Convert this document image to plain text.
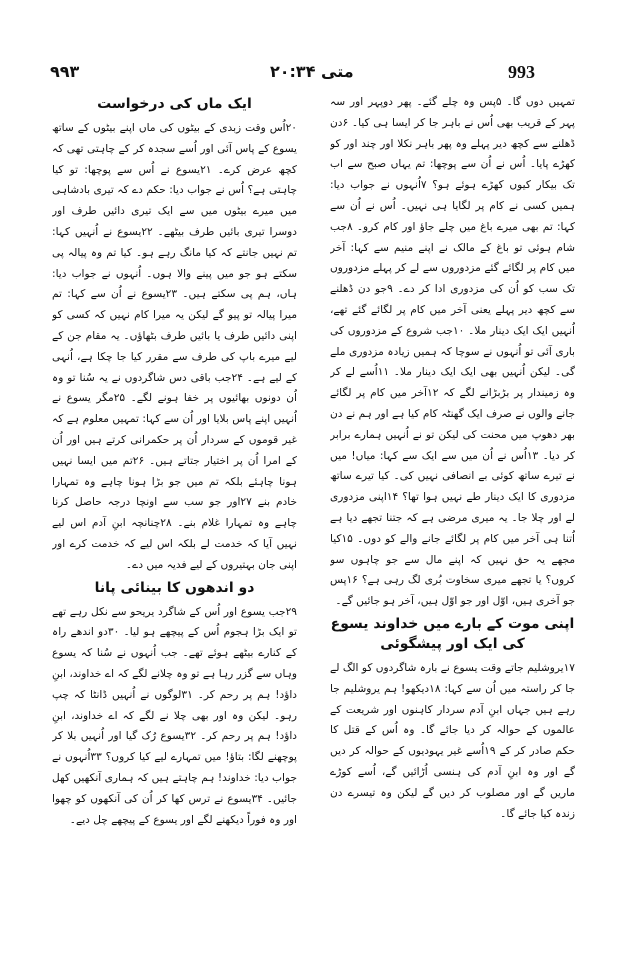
993
متی ۲۰:۳۴
۹۹۳

تمہیں دوں گا۔ ۵پس وہ چلے گئے۔ پھر دوپہر اور سہ پہر کے قریب بھی اُس نے باہر جا کر ایسا ہی کیا۔ ۶دن ڈھلنے سے کچھ دیر پہلے وہ پھر باہر نکلا اور چند اور کو کھڑے پایا۔ اُس نے اُن سے پوچھا: تم یہاں صبح سے اب تک بیکار کیوں کھڑے ہوئے ہو؟ ۷اُنہوں نے جواب دیا: ہمیں کسی نے کام پر لگایا ہی نہیں۔ اُس نے اُن سے کہا: تم بھی میرے باغ میں چلے جاؤ اور کام کرو۔ ۸جب شام ہوئی تو باغ کے مالک نے اپنے منیم سے کہا: آخر میں کام پر لگائے گئے مزدوروں سے لے کر پہلے مزدوروں تک سب کو اُن کی مزدوری ادا کر دے۔ ۹جو دن ڈھلنے سے کچھ دیر پہلے یعنی آخر میں کام پر لگائے گئے تھے، اُنہیں ایک ایک دینار ملا۔ ۱۰جب شروع کے مزدوروں کی باری آئی تو اُنہوں نے سوچا کہ ہمیں زیادہ مزدوری ملے گی۔ لیکن اُنہیں بھی ایک ایک دینار ملا۔ ۱۱اُسے لے کر وہ زمیندار پر بڑبڑانے لگے کہ ۱۲آخر میں کام پر لگائے جانے والوں نے صرف ایک گھنٹہ کام کیا ہے اور ہم نے دن بھر دھوپ میں محنت کی لیکن تو نے اُنہیں ہمارے برابر کر دیا۔ ۱۳اُس نے اُن میں سے ایک سے کہا: میاں! میں نے تیرے ساتھ کوئی بے انصافی نہیں کی۔ کیا تیرے ساتھ مزدوری کا ایک دینار طے نہیں ہوا تھا؟ ۱۴اپنی مزدوری لے اور چلا جا۔ یہ میری مرضی ہے کہ جتنا تجھے دیا ہے اُتنا ہی آخر میں کام پر لگائے جانے والے کو دوں۔ ۱۵کیا مجھے یہ حق نہیں کہ اپنے مال سے جو چاہوں سو کروں؟ یا تجھے میری سخاوت بُری لگ رہی ہے؟ ۱۶پس جو آخری ہیں، اوّل اور جو اوّل ہیں، آخر ہو جائیں گے۔

اپنی موت کے بارے میں خداوند یسوع کی ایک اور پیشگوئی

۱۷یروشلیم جاتے وقت یسوع نے بارہ شاگردوں کو الگ لے جا کر راستہ میں اُن سے کہا: ۱۸دیکھو! ہم یروشلیم جا رہے ہیں جہاں ابنِ آدم سردار کاہنوں اور شریعت کے عالموں کے حوالہ کر دیا جائے گا۔ وہ اُس کے قتل کا حکم صادر کر کے ۱۹اُسے غیر یہودیوں کے حوالہ کر دیں گے اور وہ ابنِ آدم کی ہنسی اُڑائیں گے، اُسے کوڑے ماریں گے اور مصلوب کر دیں گے لیکن وہ تیسرے دن زندہ کیا جائے گا۔

ایک ماں کی درخواست

۲۰اُس وقت زبدی کے بیٹوں کی ماں اپنے بیٹوں کے ساتھ یسوع کے پاس آئی اور اُسے سجدہ کر کے چاہتی تھی کہ کچھ عرض کرے۔ ۲۱یسوع نے اُس سے پوچھا: تو کیا چاہتی ہے؟ اُس نے جواب دیا: حکم دے کہ تیری بادشاہی میں میرے بیٹوں میں سے ایک تیری دائیں طرف اور دوسرا تیری بائیں طرف بیٹھے۔ ۲۲یسوع نے اُنہیں کہا: تم نہیں جانتے کہ کیا مانگ رہے ہو۔ کیا تم وہ پیالہ پی سکتے ہو جو میں پینے والا ہوں۔ اُنہوں نے جواب دیا: ہاں، ہم پی سکتے ہیں۔ ۲۳یسوع نے اُن سے کہا: تم میرا پیالہ تو پیو گے لیکن یہ میرا کام نہیں کہ کسی کو اپنی دائیں طرف یا بائیں طرف بٹھاؤں۔ یہ مقام جن کے لیے میرے باپ کی طرف سے مقرر کیا جا چکا ہے، اُنہی کے لیے ہے۔ ۲۴جب باقی دس شاگردوں نے یہ سُنا تو وہ اُن دونوں بھائیوں پر خفا ہونے لگے۔ ۲۵مگر یسوع نے اُنہیں اپنے پاس بلایا اور اُن سے کہا: تمہیں معلوم ہے کہ غیر قوموں کے سردار اُن پر حکمرانی کرتے ہیں اور اُن کے امرا اُن پر اختیار جتاتے ہیں۔ ۲۶تم میں ایسا نہیں ہونا چاہئے بلکہ تم میں جو بڑا ہونا چاہے وہ تمہارا خادم بنے ۲۷اور جو سب سے اونچا درجہ حاصل کرنا چاہے وہ تمہارا غلام بنے۔ ۲۸چنانچہ ابنِ آدم اس لیے نہیں آیا کہ خدمت لے بلکہ اس لیے کہ خدمت کرے اور اپنی جان بہتیروں کے لیے فدیہ میں دے۔

دو اندھوں کا بینائی پانا

۲۹جب یسوع اور اُس کے شاگرد یریحو سے نکل رہے تھے تو ایک بڑا ہجوم اُس کے پیچھے ہو لیا۔ ۳۰دو اندھے راہ کے کنارے بیٹھے ہوئے تھے۔ جب اُنہوں نے سُنا کہ یسوع وہاں سے گزر رہا ہے تو وہ چلانے لگے کہ اے خداوند، ابنِ داؤد! ہم پر رحم کر۔ ۳۱لوگوں نے اُنہیں ڈانٹا کہ چپ رہو۔ لیکن وہ اور بھی چلا نے لگے کہ اے خداوند، ابنِ داؤد! ہم پر رحم کر۔ ۳۲یسوع رُک گیا اور اُنہیں بلا کر پوچھنے لگا: بتاؤ! میں تمہارے لیے کیا کروں؟ ۳۳اُنہوں نے جواب دیا: خداوند! ہم چاہتے ہیں کہ ہماری آنکھیں کھل جائیں۔ ۳۴یسوع نے ترس کھا کر اُن کی آنکھوں کو چھوا اور وہ فوراً دیکھنے لگے اور یسوع کے پیچھے چل دیے۔
